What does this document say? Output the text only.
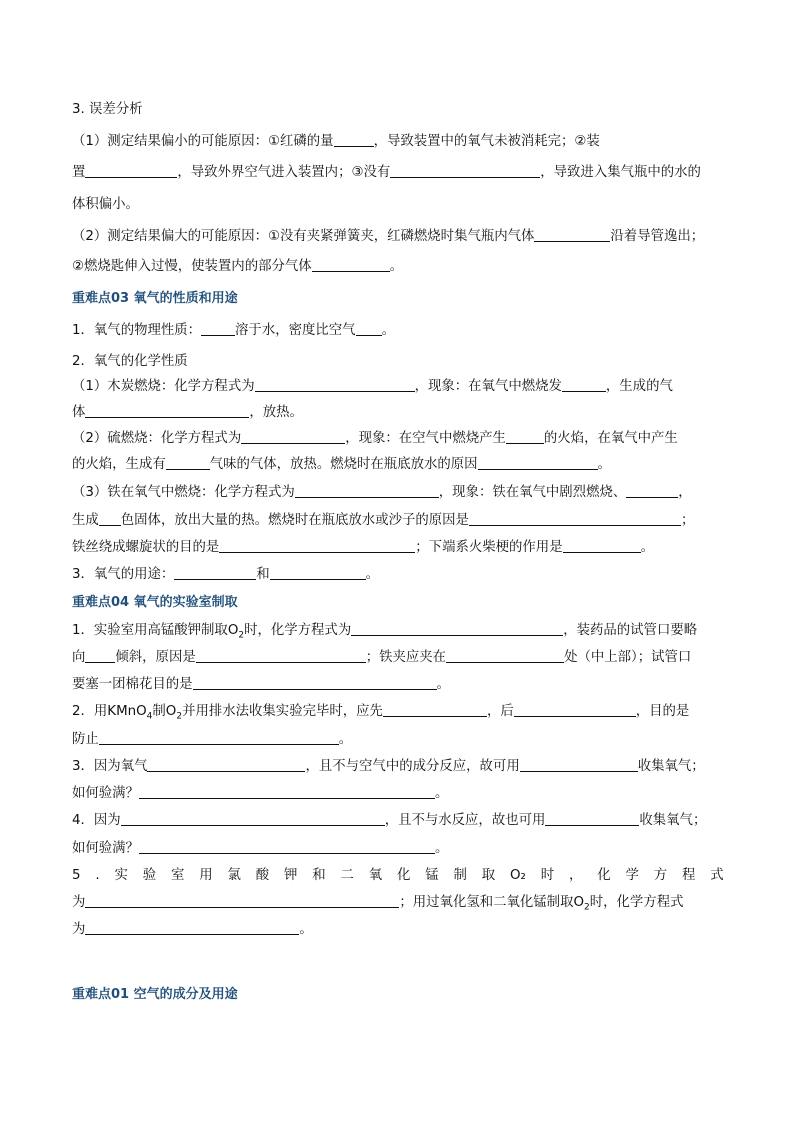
3. 误差分析
（1）测定结果偏小的可能原因：①红磷的量	，导致装置中的氧气未被消耗完；②装
置	，导致外界空气进入装置内；③没有	，导致进入集气瓶中的水的
体积偏小。
（2）测定结果偏大的可能原因：①没有夹紧弹簧夹，红磷燃烧时集气瓶内气体	沿着导管逸出；
②燃烧匙伸入过慢，使装置内的部分气体	。
重难点03 氧气的性质和用途
1．氧气的物理性质：	溶于水，密度比空气 。
2．氧气的化学性质
（1）木炭燃烧：化学方程式为	，现象：在氧气中燃烧发	，生成的气
体	，放热。
（2）硫燃烧：化学方程式为	，现象：在空气中燃烧产生	的火焰，在氧气中产生
的火焰，生成有	气味的气体，放热。燃烧时在瓶底放水的原因	。
（3）铁在氧气中燃烧：化学方程式为	，现象：铁在氧气中剧烈燃烧、	，
生成 色固体，放出大量的热。燃烧时在瓶底放水或沙子的原因是	；
铁丝绕成螺旋状的目的是	；下端系火柴梗的作用是	。
3．氧气的用途：	和	。
重难点04 氧气的实验室制取
1．实验室用高锰酸钾制取$O_2$时，化学方程式为	，装药品的试管口要略
向 倾斜，原因是	；铁夹应夹在	处（中上部）；试管口
要塞一团棉花目的是	。
2．用KMnO$_4$制$O_2$并用排水法收集实验完毕时，应先	，后	，目的是
防止	。
3．因为氧气	，且不与空气中的成分反应，故可用	收集氧气；
如何验满？	。
4．因为	，且不与水反应，故也可用	收集氧气；
如何验满？	。
5 . 实 验 室 用 氯 酸 钾 和 二 氧 化 锰 制 取 O₂ 时 ， 化 学 方 程 式
为	；用过氧化氢和二氧化锰制取$O_2$时，化学方程式
为	。
重难点01 空气的成分及用途
